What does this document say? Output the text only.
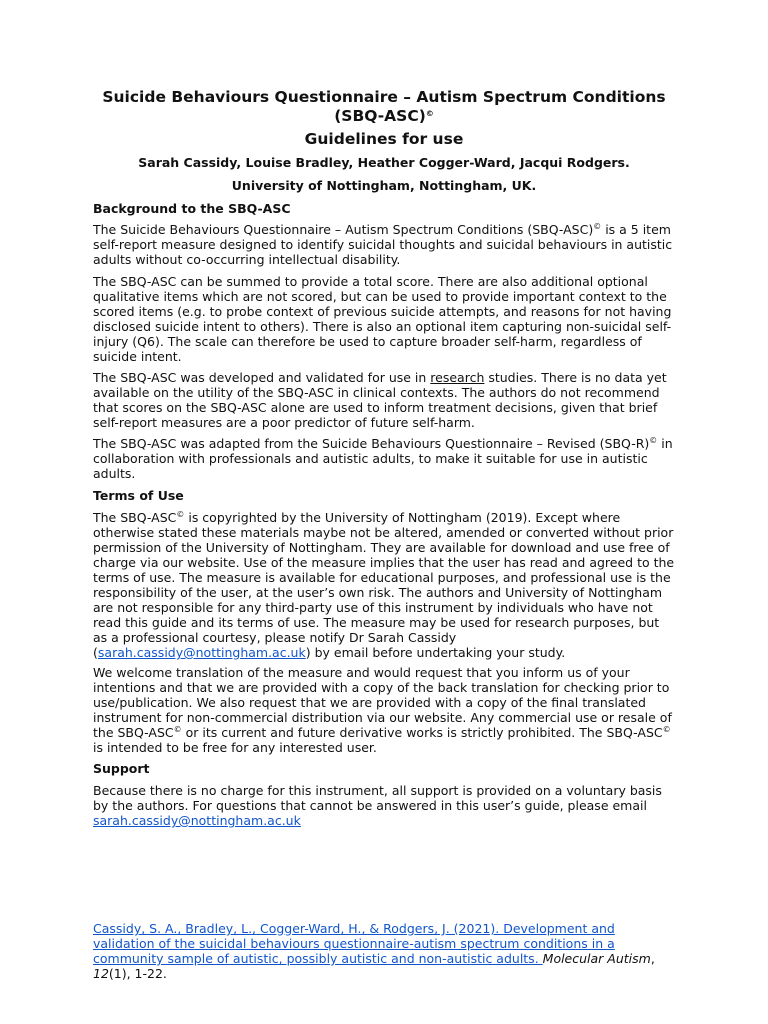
Suicide Behaviours Questionnaire – Autism Spectrum Conditions
(SBQ-ASC)©

Guidelines for use

Sarah Cassidy, Louise Bradley, Heather Cogger-Ward, Jacqui Rodgers.

University of Nottingham, Nottingham, UK.

Background to the SBQ-ASC

The Suicide Behaviours Questionnaire – Autism Spectrum Conditions (SBQ-ASC)© is a 5 item self-report measure designed to identify suicidal thoughts and suicidal behaviours in autistic adults without co-occurring intellectual disability.

The SBQ-ASC can be summed to provide a total score. There are also additional optional qualitative items which are not scored, but can be used to provide important context to the scored items (e.g. to probe context of previous suicide attempts, and reasons for not having disclosed suicide intent to others). There is also an optional item capturing non-suicidal self-injury (Q6). The scale can therefore be used to capture broader self-harm, regardless of suicide intent.

The SBQ-ASC was developed and validated for use in research studies. There is no data yet available on the utility of the SBQ-ASC in clinical contexts. The authors do not recommend that scores on the SBQ-ASC alone are used to inform treatment decisions, given that brief self-report measures are a poor predictor of future self-harm.

The SBQ-ASC was adapted from the Suicide Behaviours Questionnaire – Revised (SBQ-R)© in collaboration with professionals and autistic adults, to make it suitable for use in autistic adults.

Terms of Use

The SBQ-ASC© is copyrighted by the University of Nottingham (2019). Except where otherwise stated these materials maybe not be altered, amended or converted without prior permission of the University of Nottingham. They are available for download and use free of charge via our website. Use of the measure implies that the user has read and agreed to the terms of use. The measure is available for educational purposes, and professional use is the responsibility of the user, at the user’s own risk. The authors and University of Nottingham are not responsible for any third-party use of this instrument by individuals who have not read this guide and its terms of use. The measure may be used for research purposes, but as a professional courtesy, please notify Dr Sarah Cassidy (sarah.cassidy@nottingham.ac.uk) by email before undertaking your study.

We welcome translation of the measure and would request that you inform us of your intentions and that we are provided with a copy of the back translation for checking prior to use/publication. We also request that we are provided with a copy of the final translated instrument for non-commercial distribution via our website. Any commercial use or resale of the SBQ-ASC© or its current and future derivative works is strictly prohibited. The SBQ-ASC© is intended to be free for any interested user.

Support

Because there is no charge for this instrument, all support is provided on a voluntary basis by the authors. For questions that cannot be answered in this user’s guide, please email sarah.cassidy@nottingham.ac.uk

Cassidy, S. A., Bradley, L., Cogger-Ward, H., & Rodgers, J. (2021). Development and validation of the suicidal behaviours questionnaire-autism spectrum conditions in a community sample of autistic, possibly autistic and non-autistic adults. Molecular Autism, 12(1), 1-22.
